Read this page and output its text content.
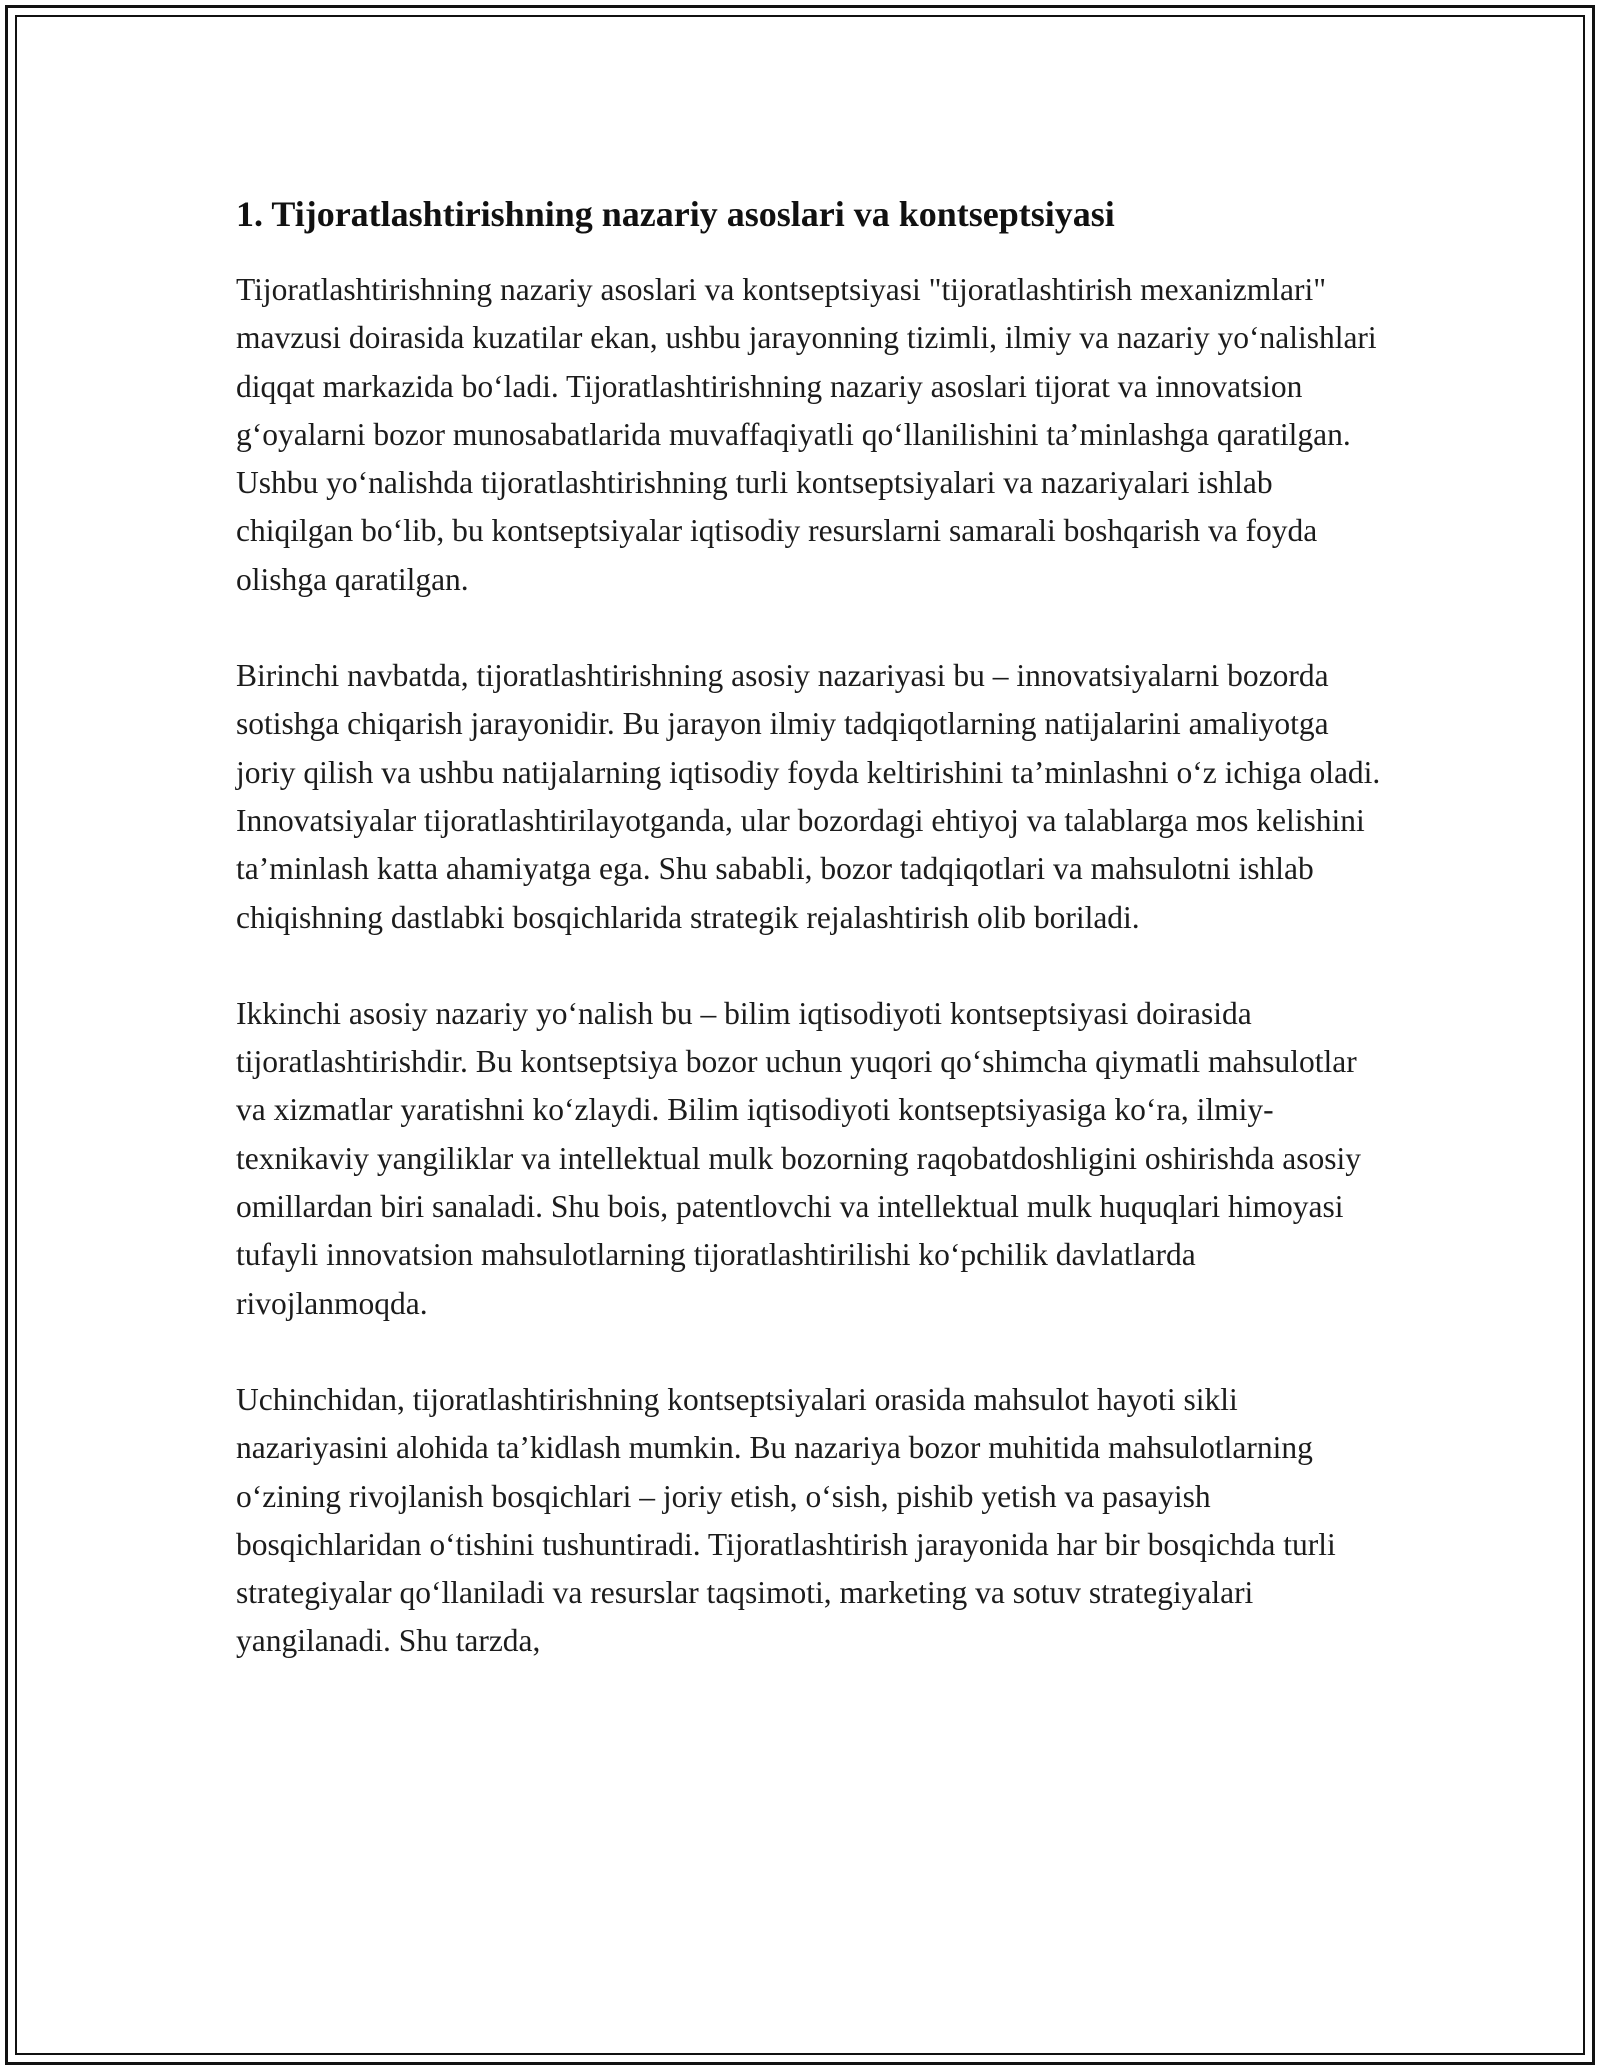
1. Tijoratlashtirishning nazariy asoslari va kontseptsiyasi

Tijoratlashtirishning nazariy asoslari va kontseptsiyasi "tijoratlashtirish mexanizmlari" mavzusi doirasida kuzatilar ekan, ushbu jarayonning tizimli, ilmiy va nazariy yo‘nalishlari diqqat markazida bo‘ladi. Tijoratlashtirishning nazariy asoslari tijorat va innovatsion g‘oyalarni bozor munosabatlarida muvaffaqiyatli qo‘llanilishini ta’minlashga qaratilgan. Ushbu yo‘nalishda tijoratlashtirishning turli kontseptsiyalari va nazariyalari ishlab chiqilgan bo‘lib, bu kontseptsiyalar iqtisodiy resurslarni samarali boshqarish va foyda olishga qaratilgan.

Birinchi navbatda, tijoratlashtirishning asosiy nazariyasi bu – innovatsiyalarni bozorda sotishga chiqarish jarayonidir. Bu jarayon ilmiy tadqiqotlarning natijalarini amaliyotga joriy qilish va ushbu natijalarning iqtisodiy foyda keltirishini ta’minlashni o‘z ichiga oladi. Innovatsiyalar tijoratlashtirilayotganda, ular bozordagi ehtiyoj va talablarga mos kelishini ta’minlash katta ahamiyatga ega. Shu sababli, bozor tadqiqotlari va mahsulotni ishlab chiqishning dastlabki bosqichlarida strategik rejalashtirish olib boriladi.

Ikkinchi asosiy nazariy yo‘nalish bu – bilim iqtisodiyoti kontseptsiyasi doirasida tijoratlashtirishdir. Bu kontseptsiya bozor uchun yuqori qo‘shimcha qiymatli mahsulotlar va xizmatlar yaratishni ko‘zlaydi. Bilim iqtisodiyoti kontseptsiyasiga ko‘ra, ilmiy-texnikaviy yangiliklar va intellektual mulk bozorning raqobatdoshligini oshirishda asosiy omillardan biri sanaladi. Shu bois, patentlovchi va intellektual mulk huquqlari himoyasi tufayli innovatsion mahsulotlarning tijoratlashtirilishi ko‘pchilik davlatlarda rivojlanmoqda.

Uchinchidan, tijoratlashtirishning kontseptsiyalari orasida mahsulot hayoti sikli nazariyasini alohida ta’kidlash mumkin. Bu nazariya bozor muhitida mahsulotlarning o‘zining rivojlanish bosqichlari – joriy etish, o‘sish, pishib yetish va pasayish bosqichlaridan o‘tishini tushuntiradi. Tijoratlashtirish jarayonida har bir bosqichda turli strategiyalar qo‘llaniladi va resurslar taqsimoti, marketing va sotuv strategiyalari yangilanadi. Shu tarzda,
